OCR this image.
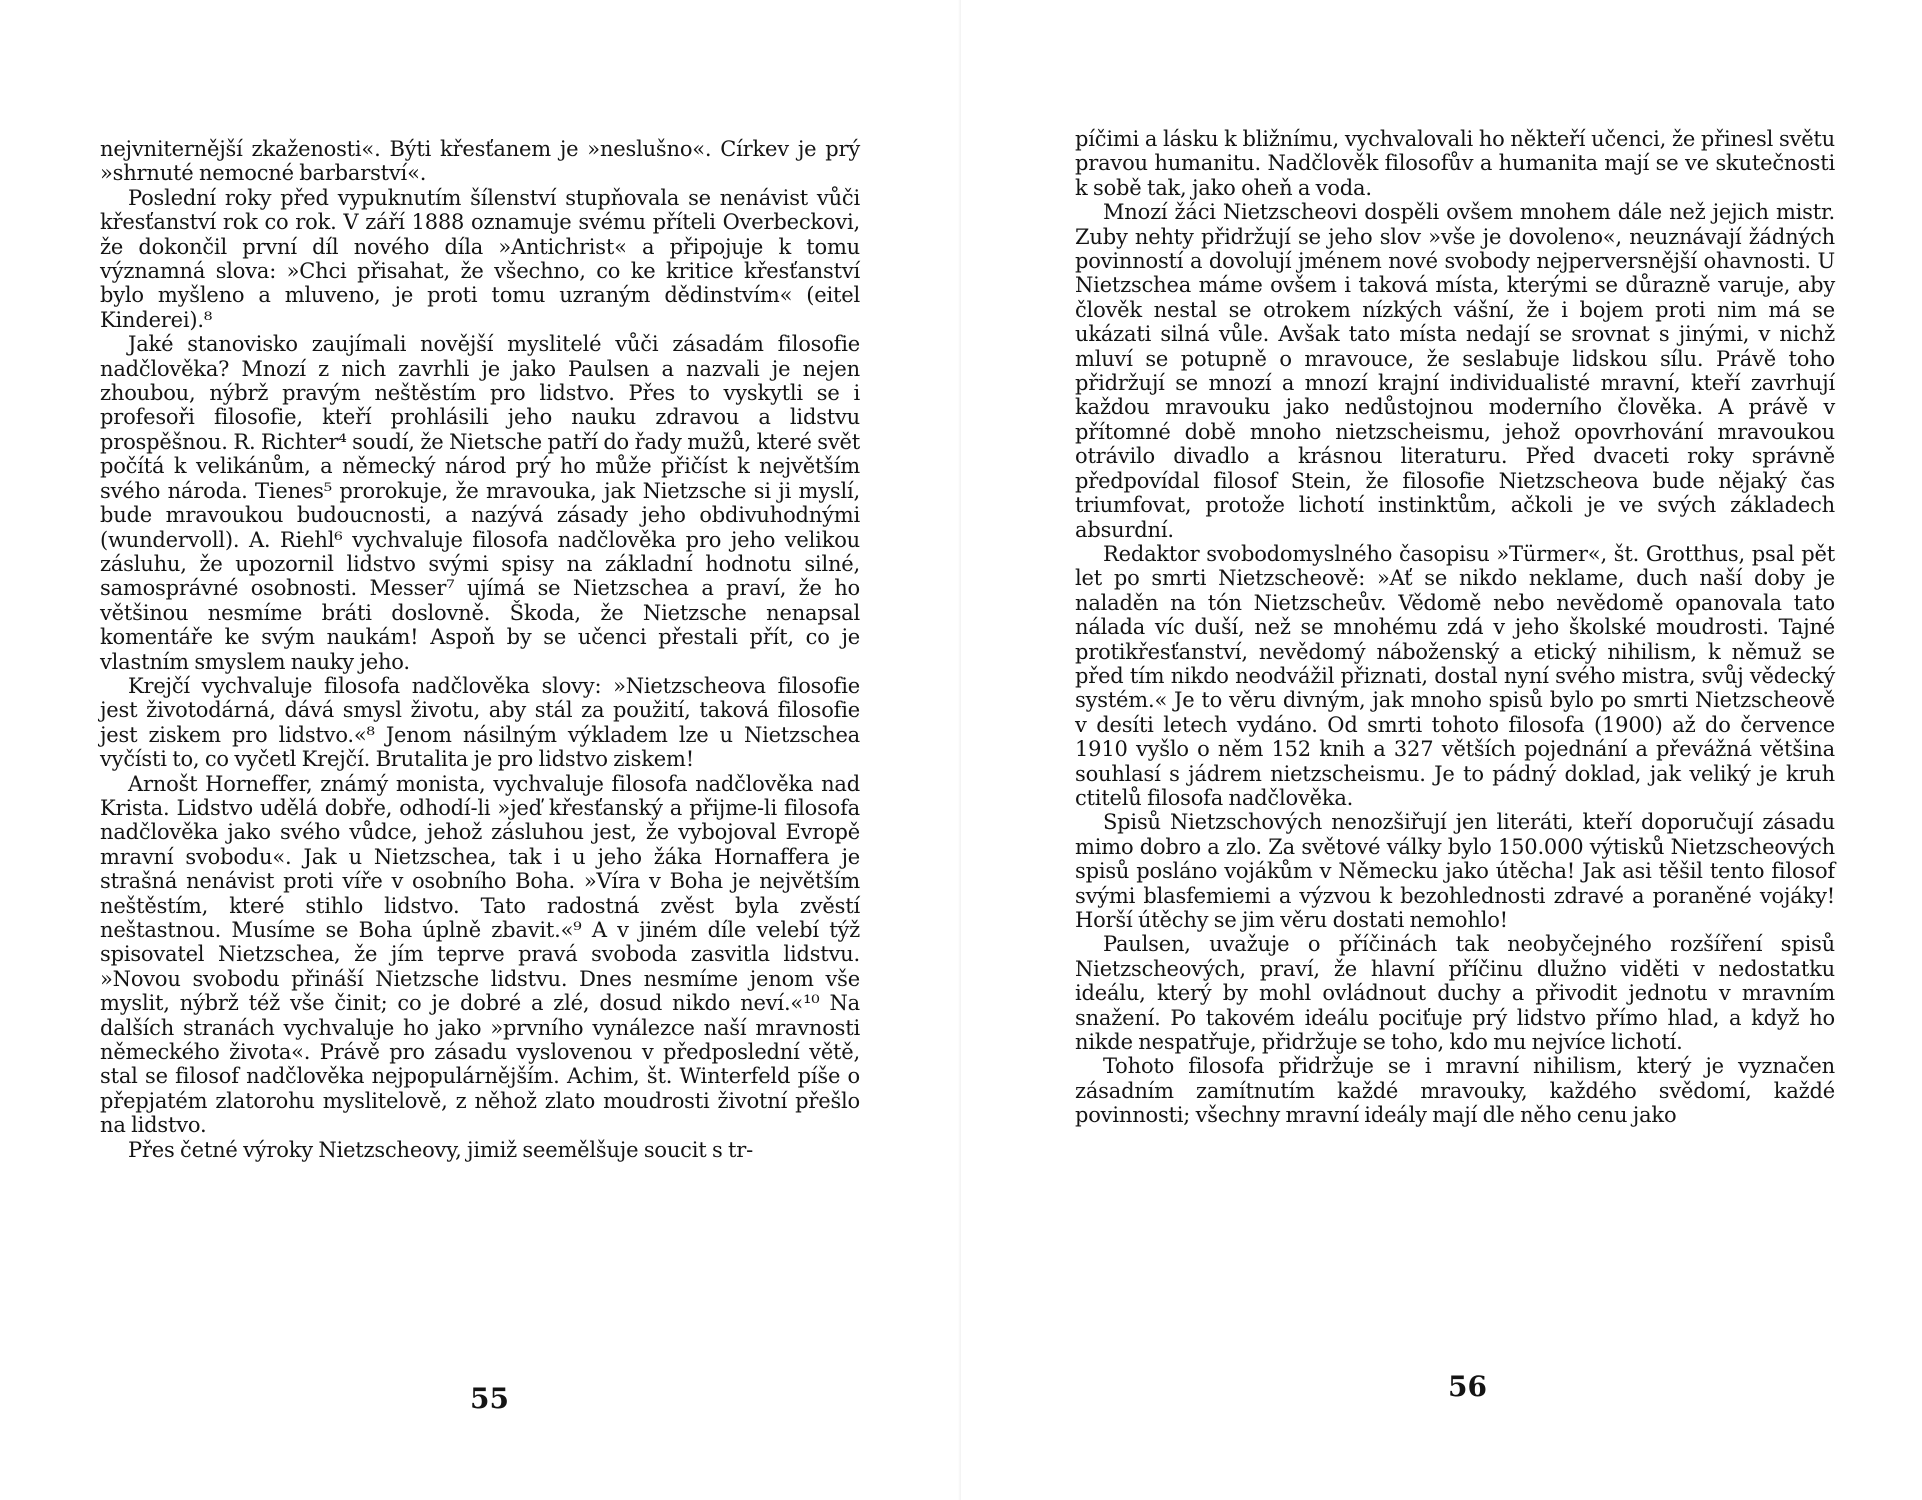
nejvniternější zkaženosti«. Býti křesťanem je »neslušno«. Církev je prý »shrnuté nemocné barbarství«.

Poslední roky před vypuknutím šílenství stupňovala se nenávist vůči křesťanství rok co rok. V září 1888 oznamuje svému příteli Overbeckovi, že dokončil první díl nového díla »Antichrist« a připojuje k tomu významná slova: »Chci přisahat, že všechno, co ke kritice křesťanství bylo myšleno a mluveno, je proti tomu uzraným dědinstvím« (eitel Kinderei).⁸

Jaké stanovisko zaujímali novější myslitelé vůči zásadám filosofie nadčlověka? Mnozí z nich zavrhli je jako Paulsen a nazvali je nejen zhoubou, nýbrž pravým neštěstím pro lidstvo. Přes to vyskytli se i profesoři filosofie, kteří prohlásili jeho nauku zdravou a lidstvu prospěšnou. R. Richter⁴ soudí, že Nietsche patří do řady mužů, které svět počítá k velikánům, a německý národ prý ho může přičíst k největším svého národa. Tienes⁵ prorokuje, že mravouka, jak Nietzsche si ji myslí, bude mravoukou budoucnosti, a nazývá zásady jeho obdivuhodnými (wundervoll). A. Riehl⁶ vychvaluje filosofa nadčlověka pro jeho velikou zásluhu, že upozornil lidstvo svými spisy na základní hodnotu silné, samosprávné osobnosti. Messer⁷ ujímá se Nietzschea a praví, že ho většinou nesmíme bráti doslovně. Škoda, že Nietzsche nenapsal komentáře ke svým naukám! Aspoň by se učenci přestali přít, co je vlastním smyslem nauky jeho.

Krejčí vychvaluje filosofa nadčlověka slovy: »Nietzscheova filosofie jest životodárná, dává smysl životu, aby stál za použití, taková filosofie jest ziskem pro lidstvo.«⁸ Jenom násilným výkladem lze u Nietzschea vyčísti to, co vyčetl Krejčí. Brutalita je pro lidstvo ziskem!

Arnošt Horneffer, známý monista, vychvaluje filosofa nadčlověka nad Krista. Lidstvo udělá dobře, odhodí-li »jeď křesťanský a přijme-li filosofa nadčlověka jako svého vůdce, jehož zásluhou jest, že vybojoval Evropě mravní svobodu«. Jak u Nietzschea, tak i u jeho žáka Hornaffera je strašná nenávist proti víře v osobního Boha. »Víra v Boha je největším neštěstím, které stihlo lidstvo. Tato radostná zvěst byla zvěstí neštastnou. Musíme se Boha úplně zbavit.«⁹ A v jiném díle velebí týž spisovatel Nietzschea, že jím teprve pravá svoboda zasvitla lidstvu. »Novou svobodu přináší Nietzsche lidstvu. Dnes nesmíme jenom vše myslit, nýbrž též vše činit; co je dobré a zlé, dosud nikdo neví.«¹⁰ Na dalších stranách vychvaluje ho jako »prvního vynálezce naší mravnosti německého života«. Právě pro zásadu vyslovenou v předposlední větě, stal se filosof nadčlověka nejpopulárnějším. Achim, št. Winterfeld píše o přepjatém zlatorohu myslitelově, z něhož zlato moudrosti životní přešlo na lidstvo.

Přes četné výroky Nietzscheovy, jimiž seemělšuje soucit s tr-

55

píčimi a lásku k bližnímu, vychvalovali ho někteří učenci, že přinesl světu pravou humanitu. Nadčlověk filosofův a humanita mají se ve skutečnosti k sobě tak, jako oheň a voda.

Mnozí žáci Nietzscheovi dospěli ovšem mnohem dále než jejich mistr. Zuby nehty přidržují se jeho slov »vše je dovoleno«, neuznávají žádných povinností a dovolují jménem nové svobody nejperversnější ohavnosti. U Nietzschea máme ovšem i taková místa, kterými se důrazně varuje, aby člověk nestal se otrokem nízkých vášní, že i bojem proti nim má se ukázati silná vůle. Avšak tato místa nedají se srovnat s jinými, v nichž mluví se potupně o mravouce, že seslabuje lidskou sílu. Právě toho přidržují se mnozí a mnozí krajní individualisté mravní, kteří zavrhují každou mravouku jako nedůstojnou moderního člověka. A právě v přítomné době mnoho nietzscheismu, jehož opovrhování mravoukou otrávilo divadlo a krásnou literaturu. Před dvaceti roky správně předpovídal filosof Stein, že filosofie Nietzscheova bude nějaký čas triumfovat, protože lichotí instinktům, ačkoli je ve svých základech absurdní.

Redaktor svobodomyslného časopisu »Türmer«, št. Grotthus, psal pět let po smrti Nietzscheově: »Ať se nikdo neklame, duch naší doby je naladěn na tón Nietzscheův. Vědomě nebo nevědomě opanovala tato nálada víc duší, než se mnohému zdá v jeho školské moudrosti. Tajné protikřesťanství, nevědomý náboženský a etický nihilism, k němuž se před tím nikdo neodvážil přiznati, dostal nyní svého mistra, svůj vědecký systém.« Je to věru divným, jak mnoho spisů bylo po smrti Nietzscheově v desíti letech vydáno. Od smrti tohoto filosofa (1900) až do července 1910 vyšlo o něm 152 knih a 327 větších pojednání a převážná většina souhlasí s jádrem nietzscheismu. Je to pádný doklad, jak veliký je kruh ctitelů filosofa nadčlověka.

Spisů Nietzschových nenozšiřují jen literáti, kteří doporučují zásadu mimo dobro a zlo. Za světové války bylo 150.000 výtisků Nietzscheových spisů posláno vojákům v Německu jako útěcha! Jak asi těšil tento filosof svými blasfemiemi a výzvou k bezohlednosti zdravé a poraněné vojáky! Horší útěchy se jim věru dostati nemohlo!

Paulsen, uvažuje o příčinách tak neobyčejného rozšíření spisů Nietzscheových, praví, že hlavní příčinu dlužno viděti v nedostatku ideálu, který by mohl ovládnout duchy a přivodit jednotu v mravním snažení. Po takovém ideálu pociťuje prý lidstvo přímo hlad, a když ho nikde nespatřuje, přidržuje se toho, kdo mu nejvíce lichotí.

Tohoto filosofa přidržuje se i mravní nihilism, který je vyznačen zásadním zamítnutím každé mravouky, každého svědomí, každé povinnosti; všechny mravní ideály mají dle něho cenu jako

56
